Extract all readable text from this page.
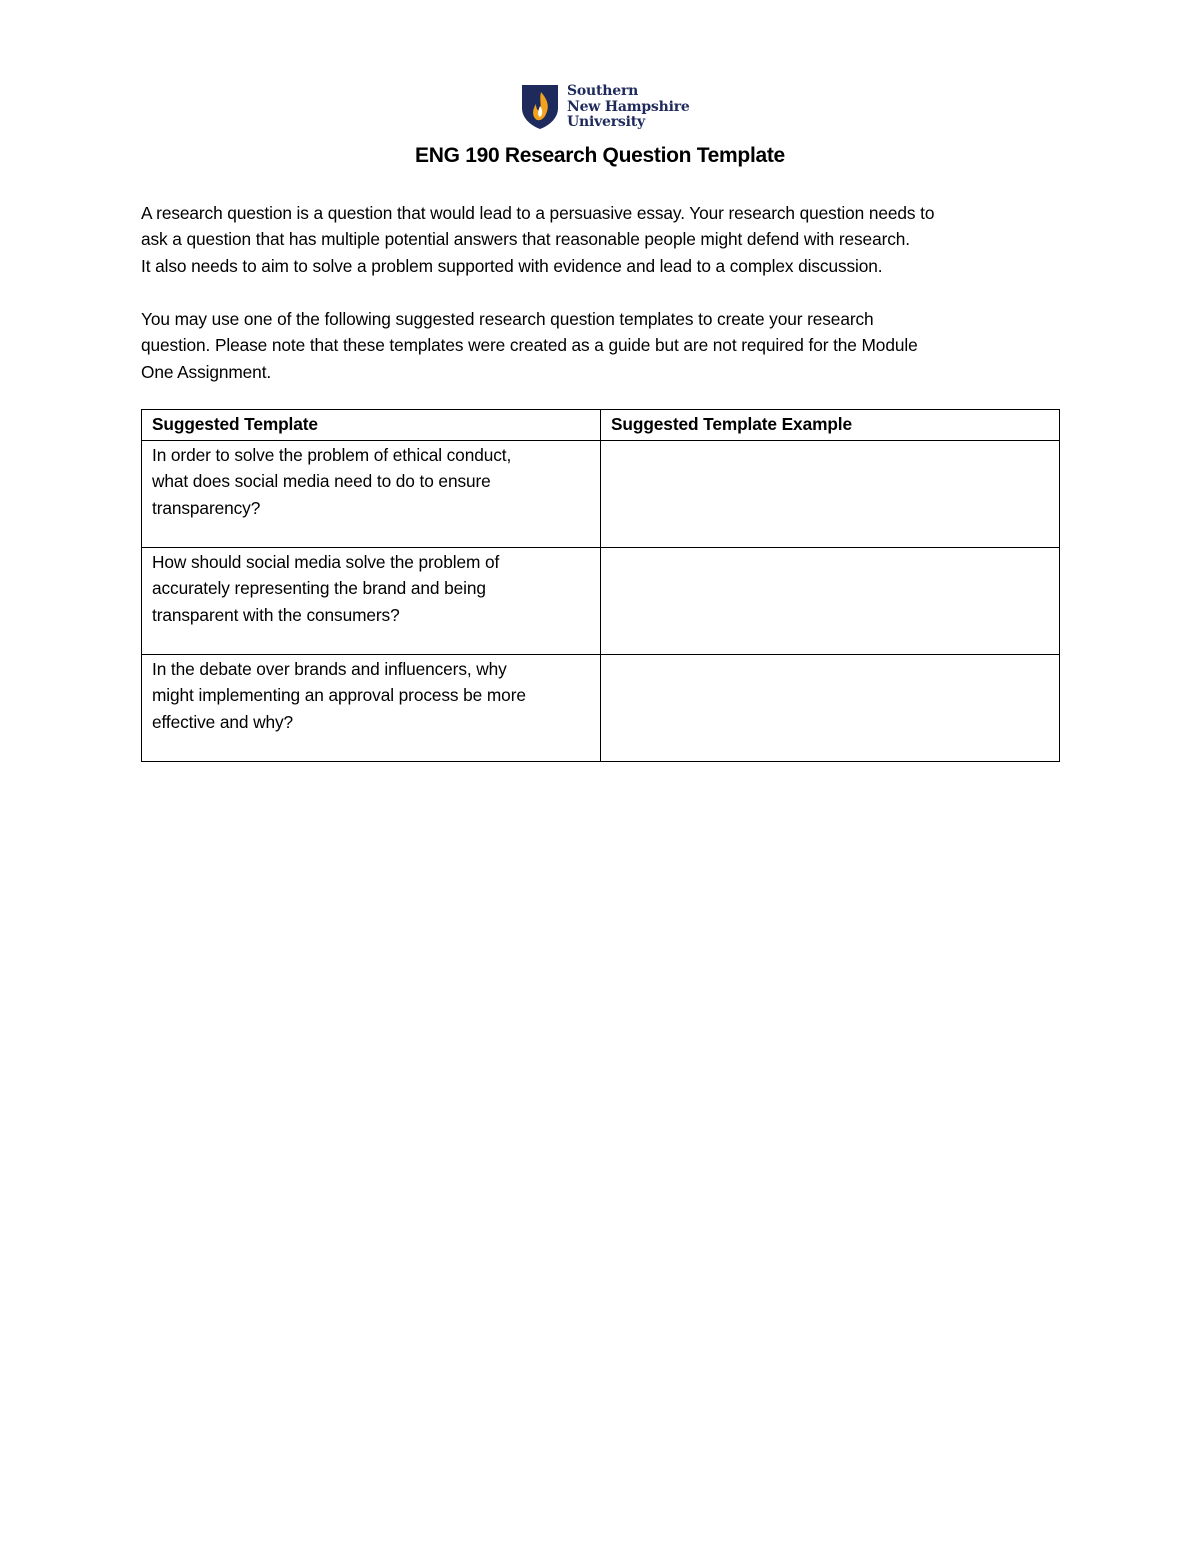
Southern
New Hampshire
University
ENG 190 Research Question Template

A research question is a question that would lead to a persuasive essay. Your research question needs to

ask a question that has multiple potential answers that reasonable people might defend with research.

It also needs to aim to solve a problem supported with evidence and lead to a complex discussion.

You may use one of the following suggested research question templates to create your research

question. Please note that these templates were created as a guide but are not required for the Module

One Assignment.

Suggested Template	Suggested Template Example

In order to solve the problem of ethical conduct,
what does social media need to do to ensure
transparency?	

How should social media solve the problem of
accurately representing the brand and being
transparent with the consumers?	

In the debate over brands and influencers, why
might implementing an approval process be more
effective and why?	
